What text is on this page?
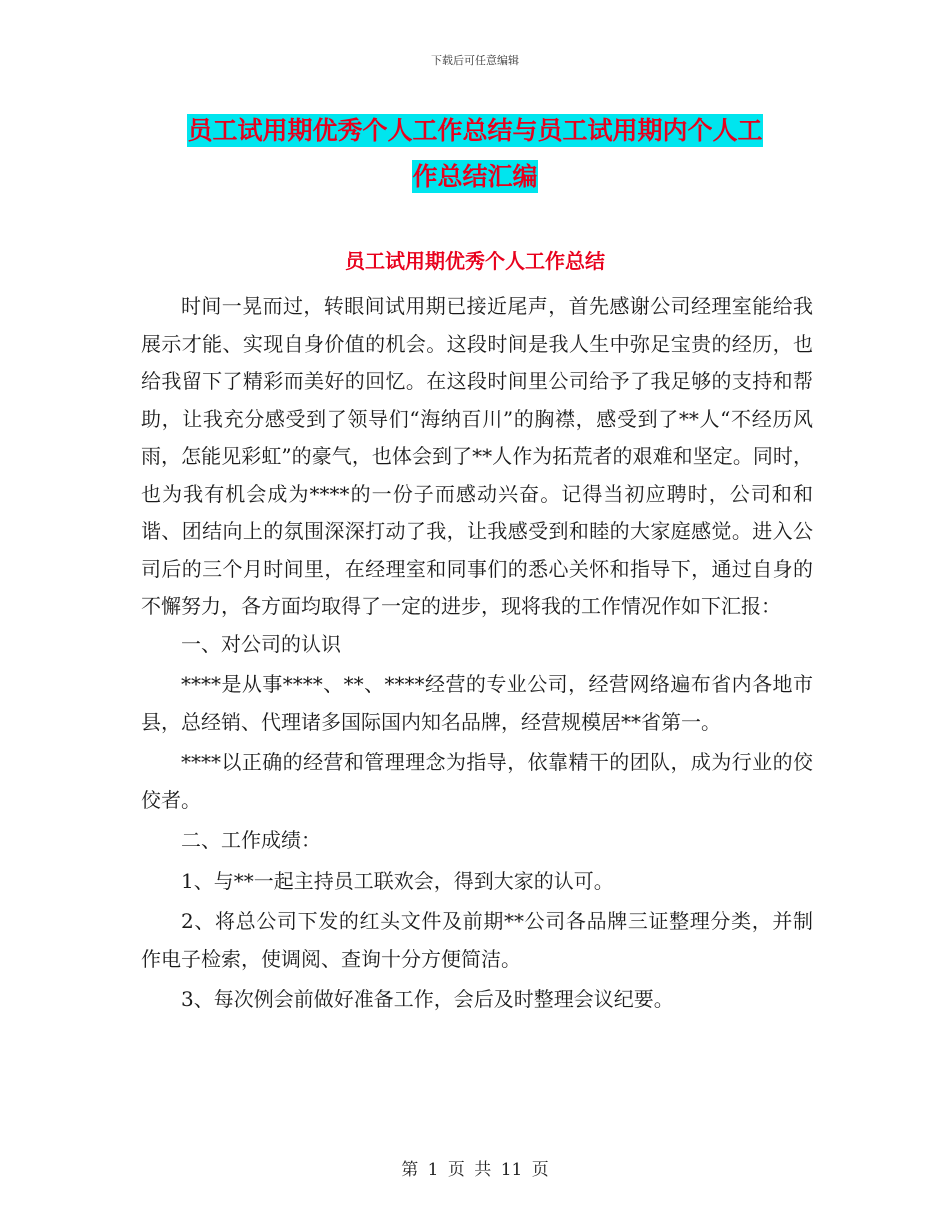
下载后可任意编辑
员工试用期优秀个人工作总结与员工试用期内个人工
作总结汇编
员工试用期优秀个人工作总结

时间一晃而过，转眼间试用期已接近尾声，首先感谢公司经理室能给我展示才能、实现自身价值的机会。这段时间是我人生中弥足宝贵的经历，也给我留下了精彩而美好的回忆。在这段时间里公司给予了我足够的支持和帮助，让我充分感受到了领导们“海纳百川”的胸襟，感受到了**人“不经历风雨，怎能见彩虹”的豪气，也体会到了**人作为拓荒者的艰难和坚定。同时，也为我有机会成为****的一份子而感动兴奋。记得当初应聘时，公司和和谐、团结向上的氛围深深打动了我，让我感受到和睦的大家庭感觉。进入公司后的三个月时间里，在经理室和同事们的悉心关怀和指导下，通过自身的不懈努力，各方面均取得了一定的进步，现将我的工作情况作如下汇报：

一、对公司的认识

****是从事****、**、****经营的专业公司，经营网络遍布省内各地市县，总经销、代理诸多国际国内知名品牌，经营规模居**省第一。

****以正确的经营和管理理念为指导，依靠精干的团队，成为行业的佼佼者。

二、工作成绩：

1、与**一起主持员工联欢会，得到大家的认可。

2、将总公司下发的红头文件及前期**公司各品牌三证整理分类，并制作电子检索，使调阅、查询十分方便简洁。

3、每次例会前做好准备工作，会后及时整理会议纪要。

第 1 页 共 11 页
